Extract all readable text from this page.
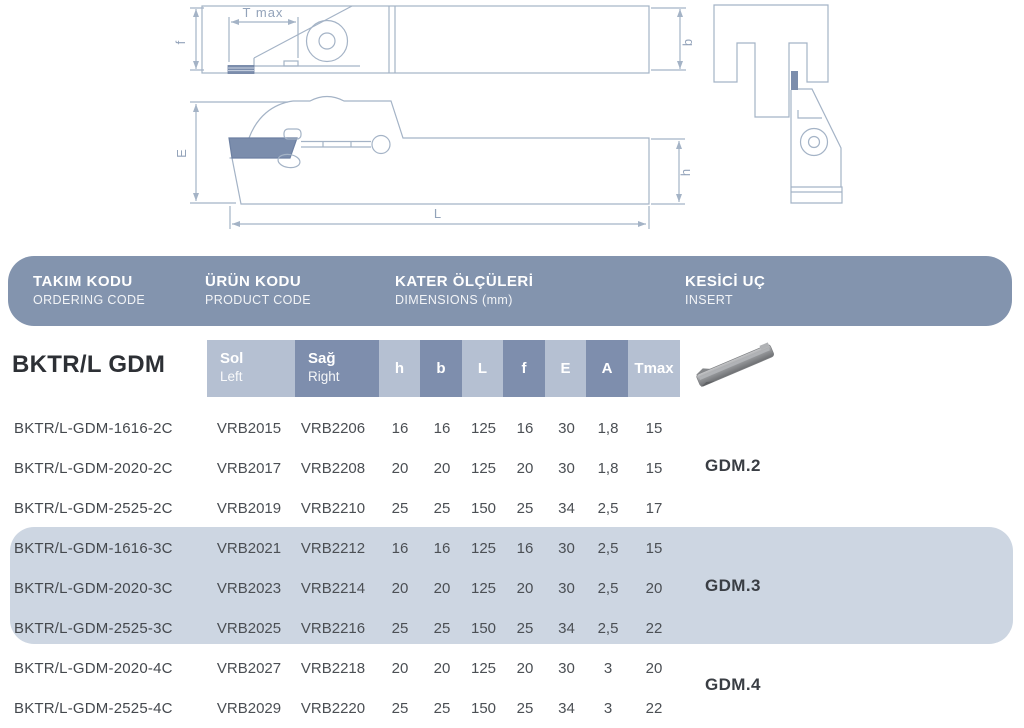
T max
f	b
E
L
h
TAKIM KODU
ORDERING CODE
ÜRÜN KODU
PRODUCT CODE
KATER ÖLÇÜLERİ
DIMENSIONS (mm)
KESİCİ UÇ
INSERT
BKTR/L GDM	Sol
Left
Sağ
Right	h	b	L	f	E	A	Tmax
BKTR/L-GDM-1616-2C	VRB2015	VRB2206	16	16	125	16	30	1,8	15
BKTR/L-GDM-2020-2C	VRB2017	VRB2208	20	20	125	20	30	1,8	15
BKTR/L-GDM-2525-2C	VRB2019	VRB2210	25	25	150	25	34	2,5	17
BKTR/L-GDM-1616-3C	VRB2021	VRB2212	16	16	125	16	30	2,5	15
BKTR/L-GDM-2020-3C	VRB2023	VRB2214	20	20	125	20	30	2,5	20
BKTR/L-GDM-2525-3C	VRB2025	VRB2216	25	25	150	25	34	2,5	22
BKTR/L-GDM-2020-4C	VRB2027	VRB2218	20	20	125	20	30	3	20
BKTR/L-GDM-2525-4C	VRB2029	VRB2220	25	25	150	25	34	3	22
GDM.2
GDM.3
GDM.4
